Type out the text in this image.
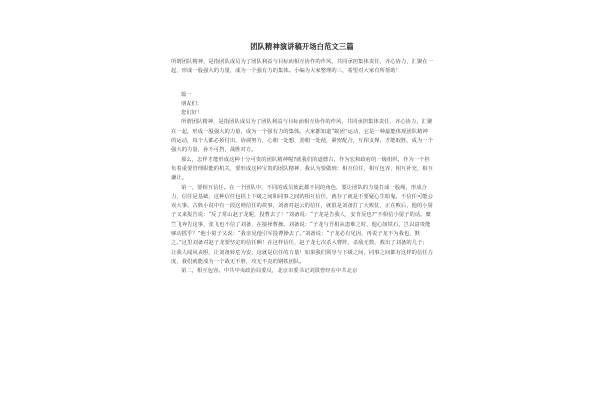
团队精神演讲稿开场白范文三篇

所谓团队精神，是指团队成员为了团队利益与目标而相互协作的作风，共同承担集体责任，齐心协力，汇聚在一起，形成一股强大的力量，成为一个强有力的集体。小编为大家整理的三，希望对大家有所帮助！

篇一

朋友们：

您们好！

所谓团队精神，是指团队成员为了团队利益与目标而相互协作的作风，共同承担集体责任，齐心协力，汇聚在一起，形成一股强大的力量，成为一个强有力的集体。大家都知道“蚁团”运动，它是一种最能体现团队精神的运动，每个人都必须付出，协调努力，心朝一处想，劲朝一处使，紧密配合，互相支撑，才能取胜，成为一个强大的力量，孙不可挡，战胜对方。

那么，怎样才能形成这种十分可贵的团队精神呢?就我们的道德古，作为宏和政府的一级组织，作为一个担负着重要管理职能的机关，要形成这种宝贵的团队精神，我认为要做到：相互信任，相互包容，相互补充，相互谦让。

第一，要相互信任。在一个团队中，不同的成员彼此都不同的角色，要让团队的力量打成一股绳，形成合力，信任是基础，这种信任包括上下级之间和同事之间的相互信任，就存了就是不要疑心生暗鬼，不信任可能会误大事。古典小说中有一段这则信任的故事，刘备对赵云的信任，就很是刘备打了大败仗，正在败后，他的小舅子又来报告说：“反了常山赵子龙呢，投曹去了！”刘备说：“子龙是告我人，安肯反也?”不相信小舅子的话。糜竺飞奔告这事，张飞也不信了刘备，在接择曹操。刘备说：“子龙与吾相从患难之时，他心如铁石，岂以富贵能够动摇乎？”他小舅子又说：“我亲见他引军投曹操去了。”刘备说：“子龙必有见因，再说子龙不为我也，默之。”这里刘备对赵子龙要坚定的信任啊！在这样信任，赵子龙七次杀入曹阵，杀敌无数，救出了刘备的儿子；让我人闻风丧胆，让刘备转危为安，这就是信任的力量！如果我们领导与下级之间，同事之间都有这样的信任力度，我们就能成为一个战无不胜，攻无不克的钢铁团队。

第二，相互包容。中共中央政治局委员，北京市委书记刘淇曾经在中共北京
